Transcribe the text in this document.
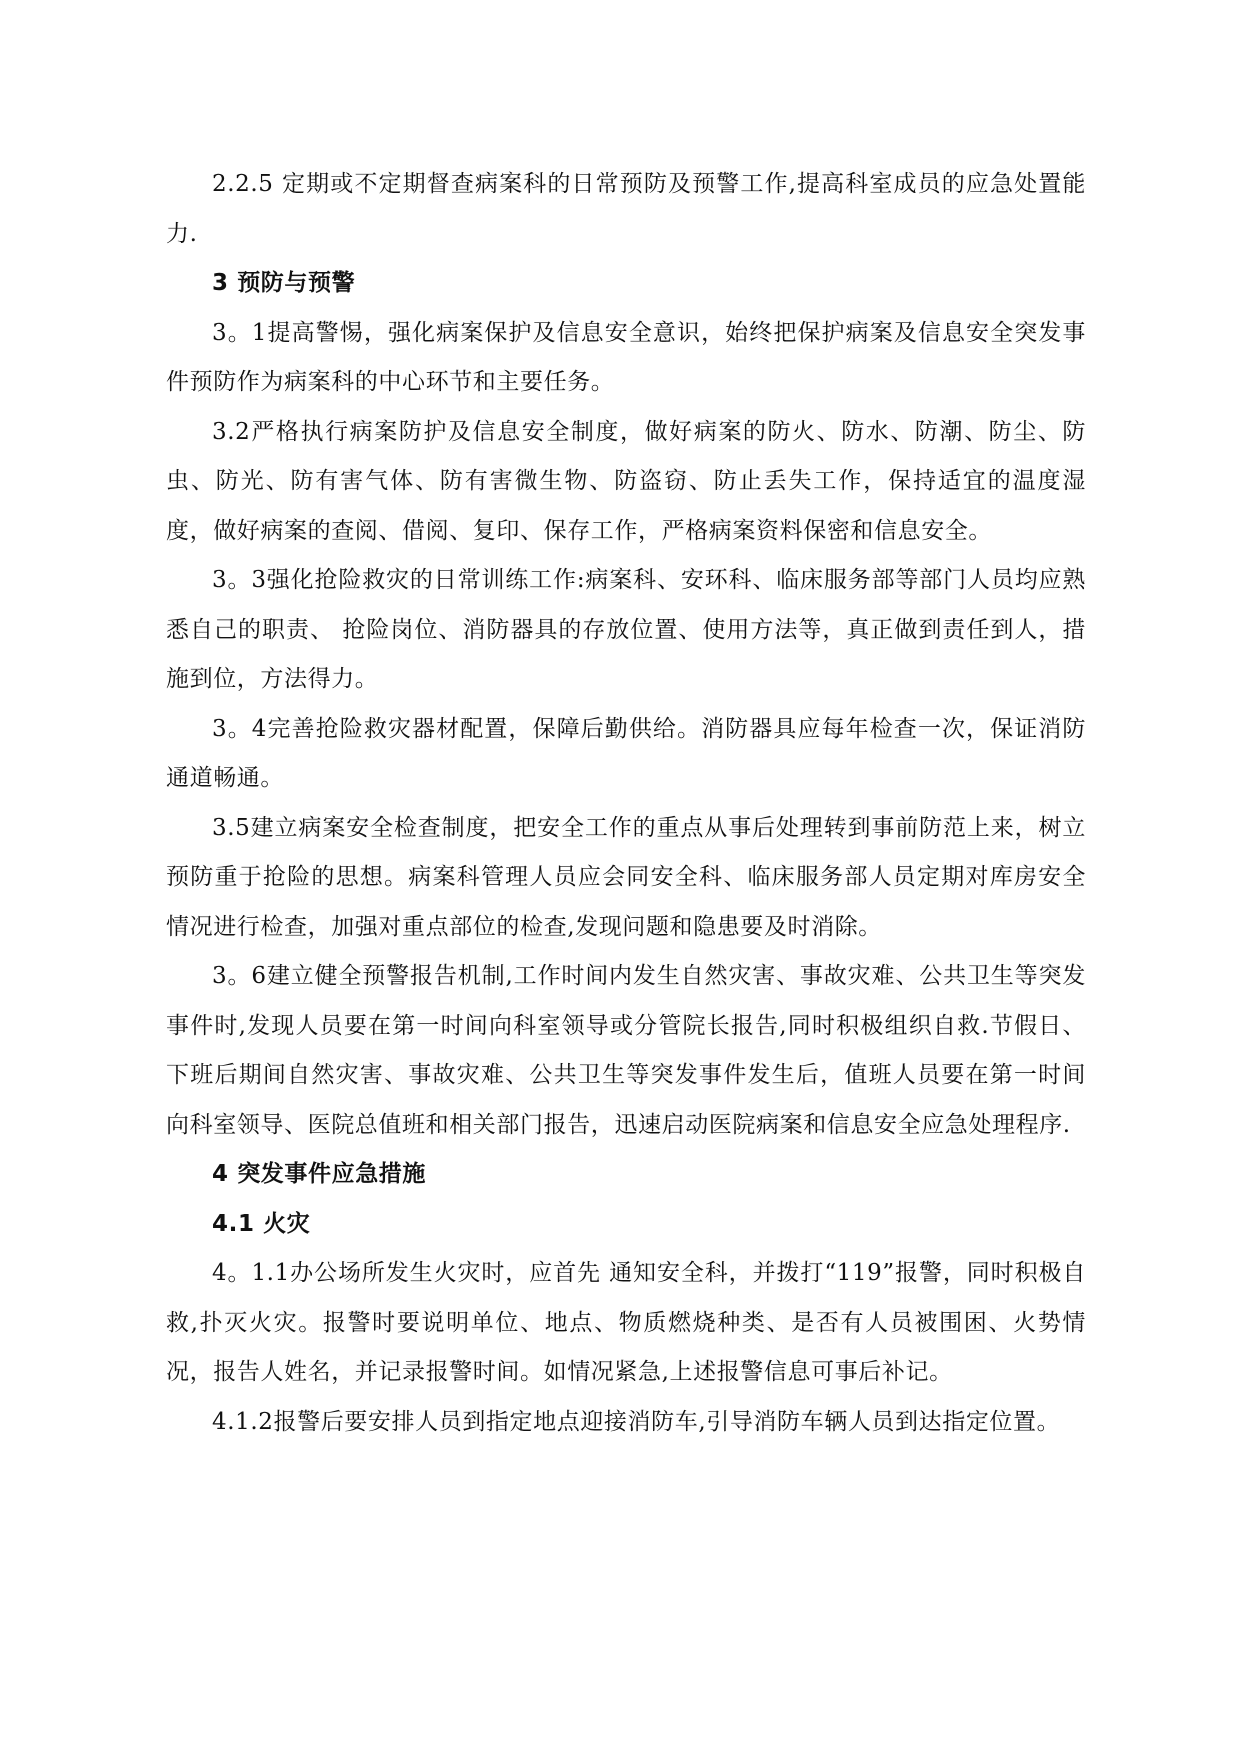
2.2.5 定期或不定期督查病案科的日常预防及预警工作,提高科室成员的应急处置能力.

3 预防与预警

3。1提高警惕，强化病案保护及信息安全意识，始终把保护病案及信息安全突发事件预防作为病案科的中心环节和主要任务。

3.2严格执行病案防护及信息安全制度，做好病案的防火、防水、防潮、防尘、防虫、防光、防有害气体、防有害微生物、防盗窃、防止丢失工作，保持适宜的温度湿度，做好病案的查阅、借阅、复印、保存工作，严格病案资料保密和信息安全。

3。3强化抢险救灾的日常训练工作:病案科、安环科、临床服务部等部门人员均应熟悉自己的职责、 抢险岗位、消防器具的存放位置、使用方法等，真正做到责任到人，措施到位，方法得力。

3。4完善抢险救灾器材配置，保障后勤供给。消防器具应每年检查一次，保证消防通道畅通。

3.5建立病案安全检查制度，把安全工作的重点从事后处理转到事前防范上来，树立预防重于抢险的思想。病案科管理人员应会同安全科、临床服务部人员定期对库房安全情况进行检查，加强对重点部位的检查,发现问题和隐患要及时消除。

3。6建立健全预警报告机制,工作时间内发生自然灾害、事故灾难、公共卫生等突发事件时,发现人员要在第一时间向科室领导或分管院长报告,同时积极组织自救.节假日、下班后期间自然灾害、事故灾难、公共卫生等突发事件发生后，值班人员要在第一时间向科室领导、医院总值班和相关部门报告，迅速启动医院病案和信息安全应急处理程序.

4 突发事件应急措施

4.1 火灾

4。1.1办公场所发生火灾时，应首先 通知安全科，并拨打“119”报警，同时积极自救,扑灭火灾。报警时要说明单位、地点、物质燃烧种类、是否有人员被围困、火势情况，报告人姓名，并记录报警时间。如情况紧急,上述报警信息可事后补记。

4.1.2报警后要安排人员到指定地点迎接消防车,引导消防车辆人员到达指定位置。
